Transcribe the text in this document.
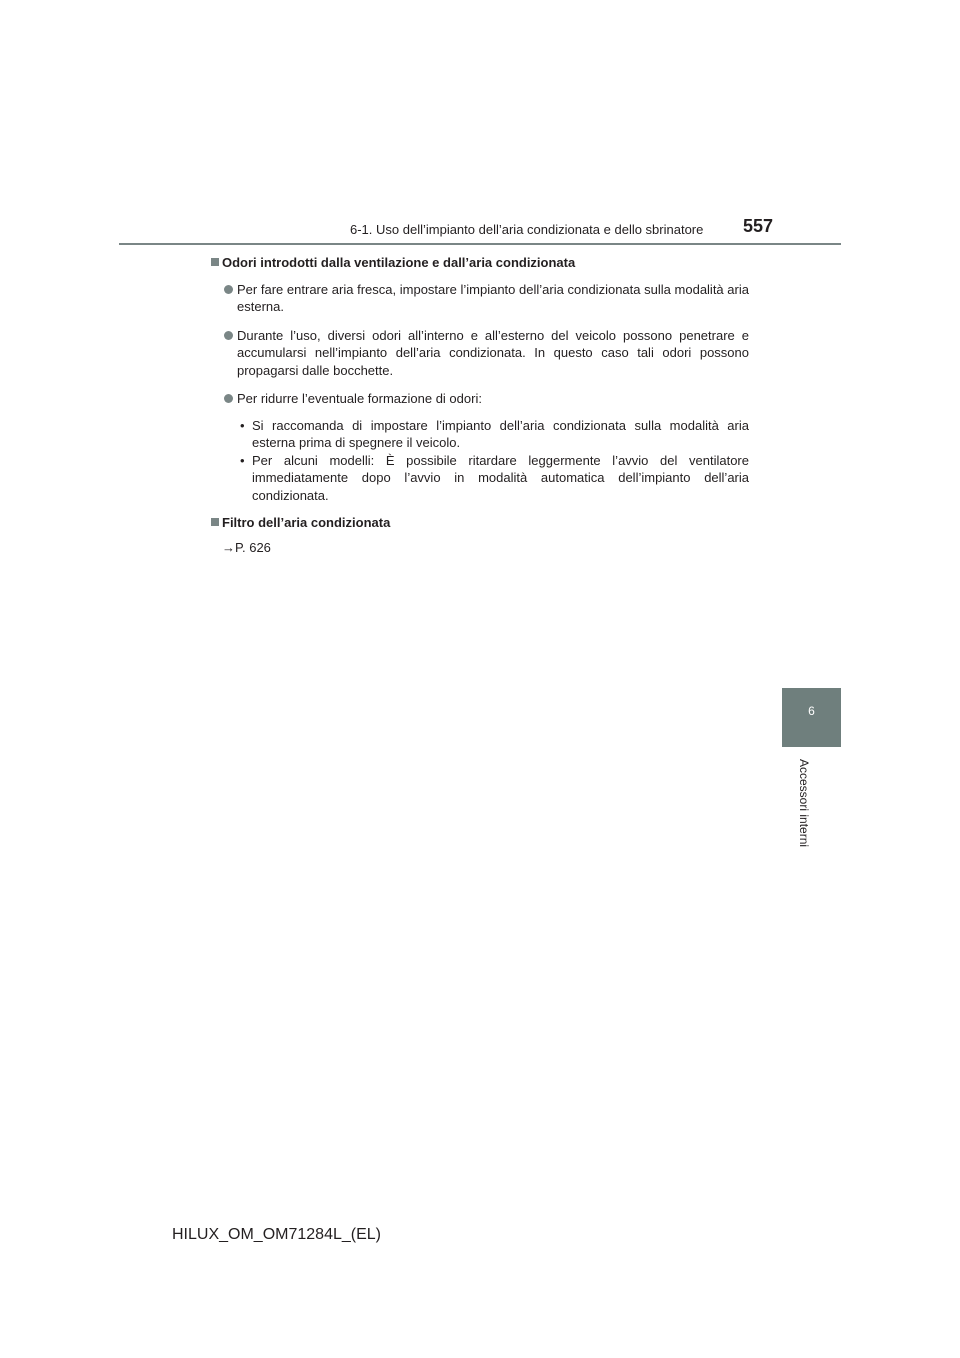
6-1. Uso dell’impianto dell’aria condizionata e dello sbrinatore 557
6
Accessori interni
Odori introdotti dalla ventilazione e dall’aria condizionata
Per fare entrare aria fresca, impostare l’impianto dell’aria condizionata sulla modalità aria esterna.
Durante l’uso, diversi odori all’interno e all’esterno del veicolo possono penetrare e accumularsi nell’impianto dell’aria condizionata. In questo caso tali odori possono propagarsi dalle bocchette.
Per ridurre l’eventuale formazione di odori:
• Si raccomanda di impostare l’impianto dell’aria condizionata sulla modalità aria esterna prima di spegnere il veicolo.
• Per alcuni modelli: È possibile ritardare leggermente l’avvio del ventilatore immediatamente dopo l’avvio in modalità automatica dell’impianto dell’aria condizionata.
Filtro dell’aria condizionata
→P. 626
HILUX_OM_OM71284L_(EL)
